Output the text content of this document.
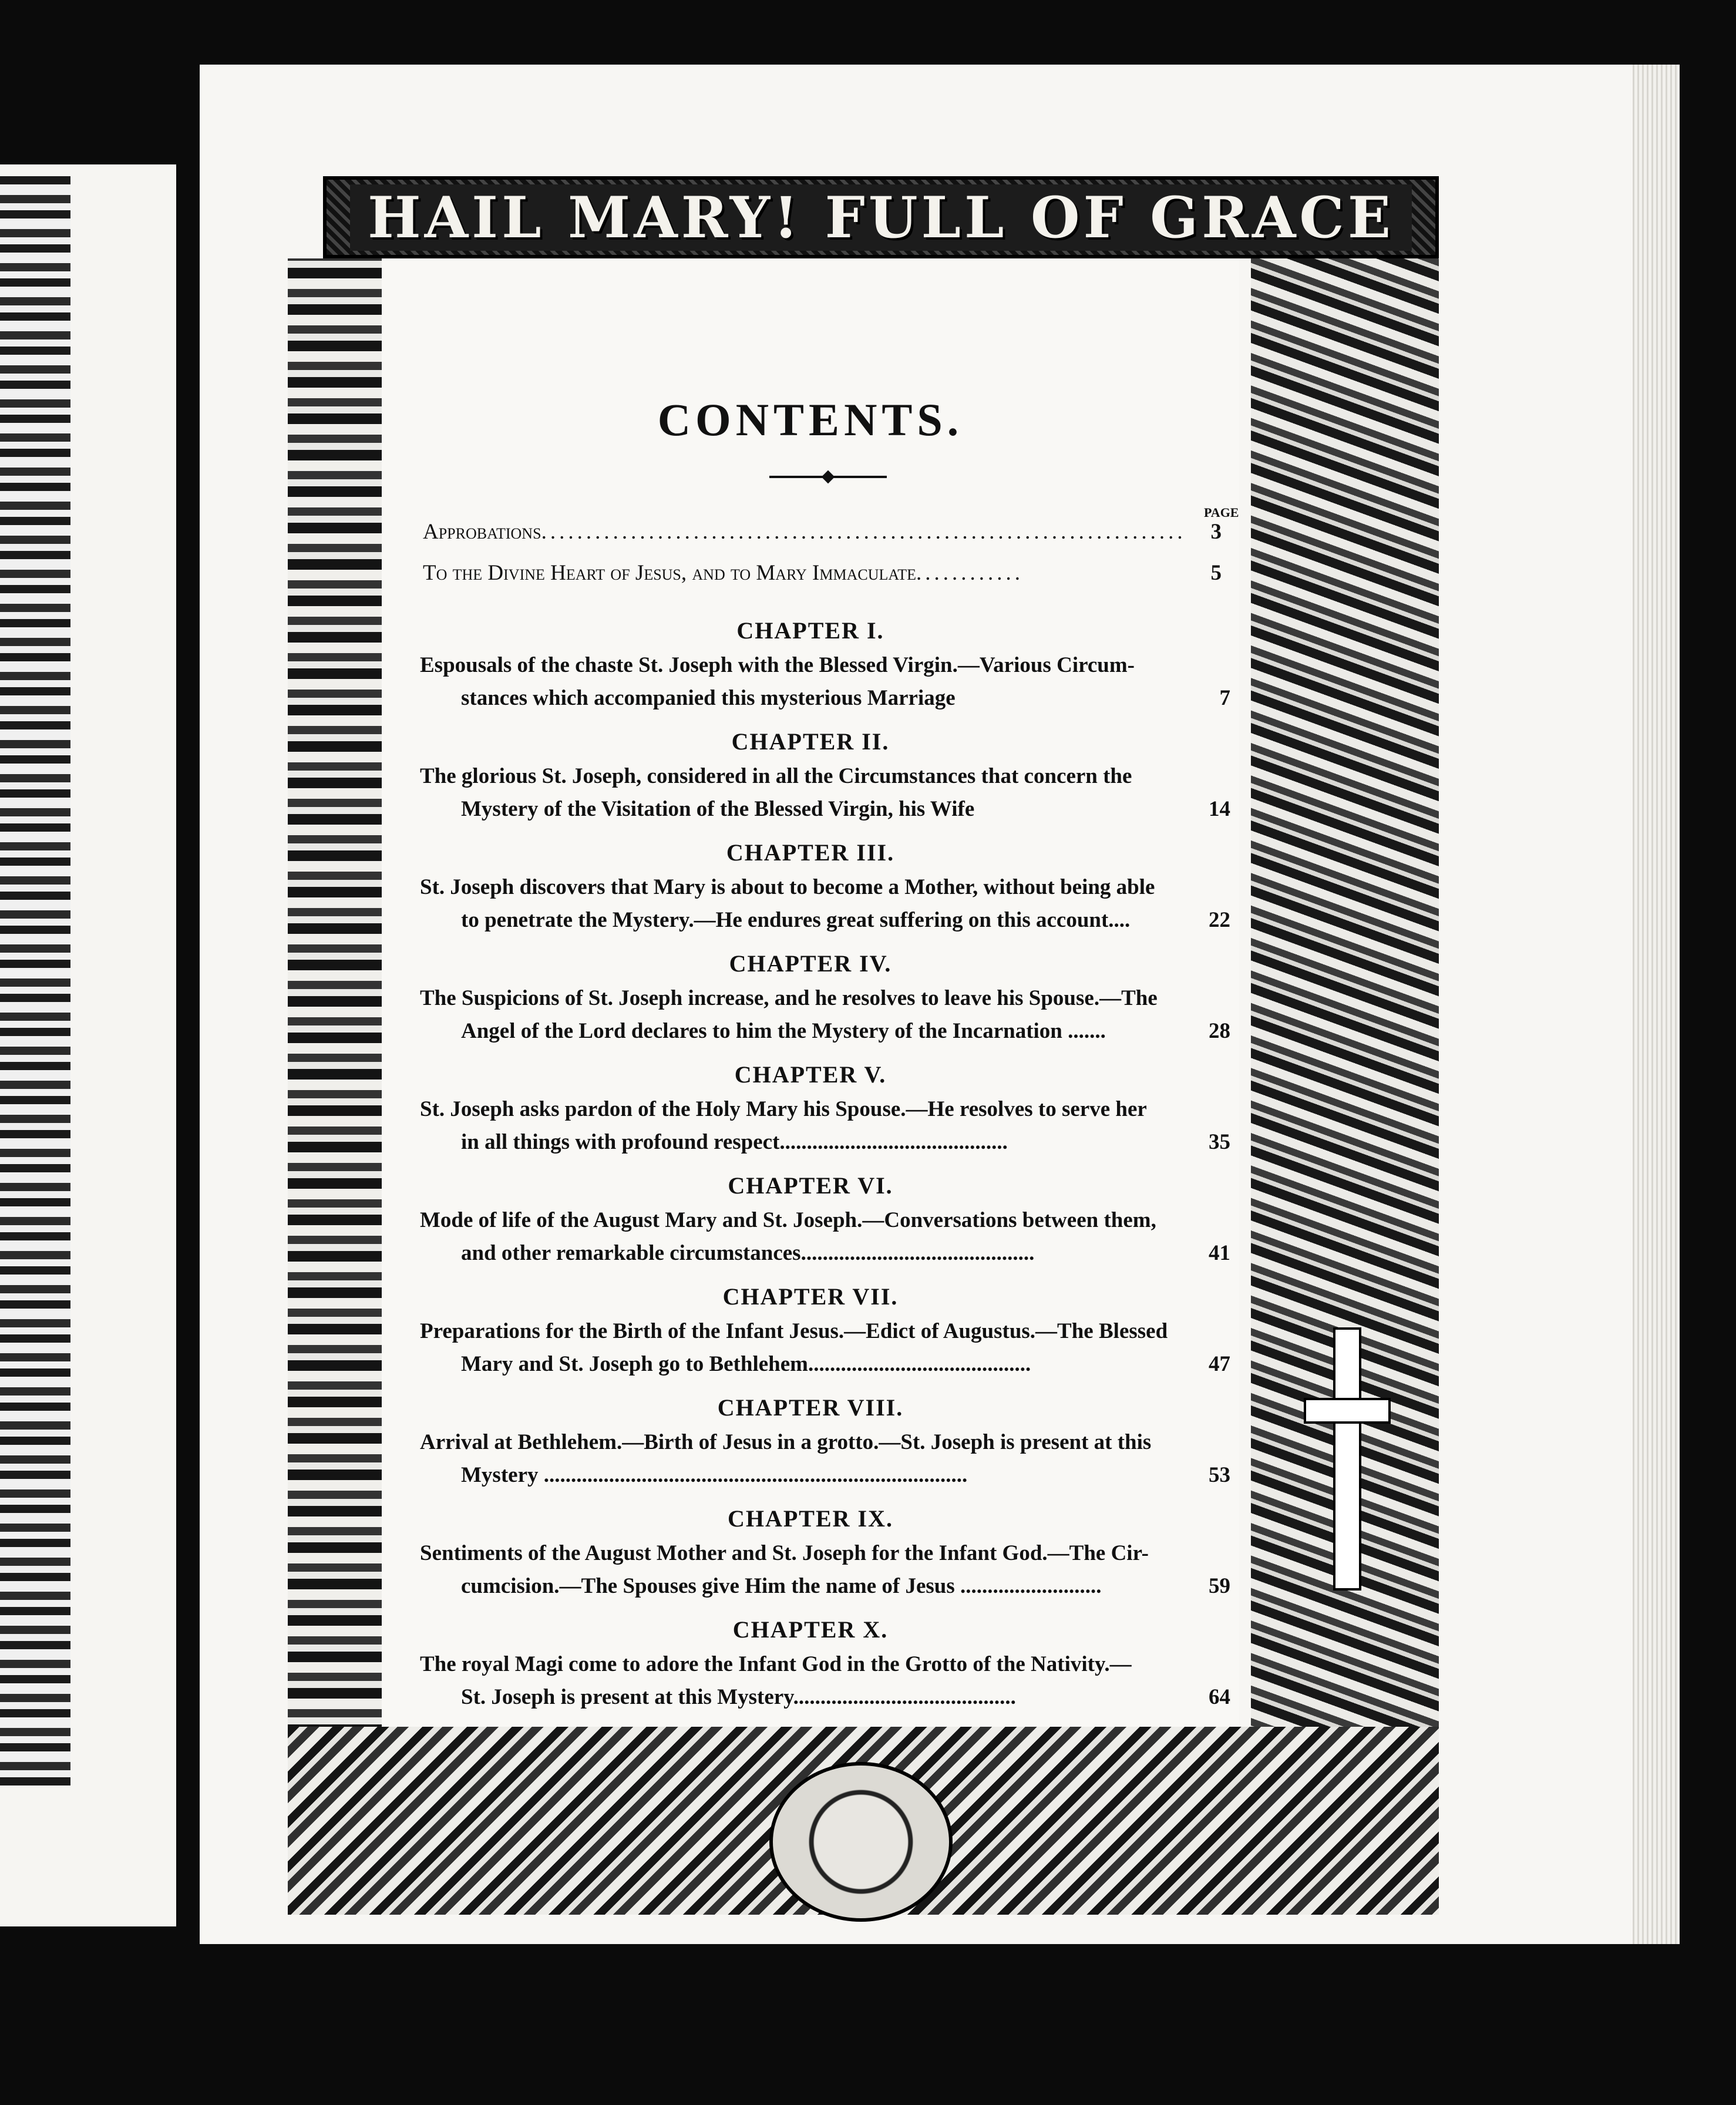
HAIL MARY! FULL OF GRACE
CONTENTS.
PAGE
Approbations........................................................................ 3
To the Divine Heart of Jesus, and to Mary Immaculate............	5
CHAPTER I.
Espousals of the chaste St. Joseph with the Blessed Virgin.—Various Circum-
stances which accompanied this mysterious Marriage	7
CHAPTER II.
The glorious St. Joseph, considered in all the Circumstances that concern the
Mystery of the Visitation of the Blessed Virgin, his Wife	14
CHAPTER III.
St. Joseph discovers that Mary is about to become a Mother, without being able
to penetrate the Mystery.—He endures great suffering on this account....	22
CHAPTER IV.
The Suspicions of St. Joseph increase, and he resolves to leave his Spouse.—The
Angel of the Lord declares to him the Mystery of the Incarnation .......	28
CHAPTER V.
St. Joseph asks pardon of the Holy Mary his Spouse.—He resolves to serve her
in all things with profound respect..........................................	35
CHAPTER VI.
Mode of life of the August Mary and St. Joseph.—Conversations between them,
and other remarkable circumstances...........................................	41
CHAPTER VII.
Preparations for the Birth of the Infant Jesus.—Edict of Augustus.—The Blessed
Mary and St. Joseph go to Bethlehem.........................................	47
CHAPTER VIII.
Arrival at Bethlehem.—Birth of Jesus in a grotto.—St. Joseph is present at this
Mystery ..............................................................................	53
CHAPTER IX.
Sentiments of the August Mother and St. Joseph for the Infant God.—The Cir-
cumcision.—The Spouses give Him the name of Jesus ..........................	59
CHAPTER X.
The royal Magi come to adore the Infant God in the Grotto of the Nativity.—
St. Joseph is present at this Mystery.........................................	64
